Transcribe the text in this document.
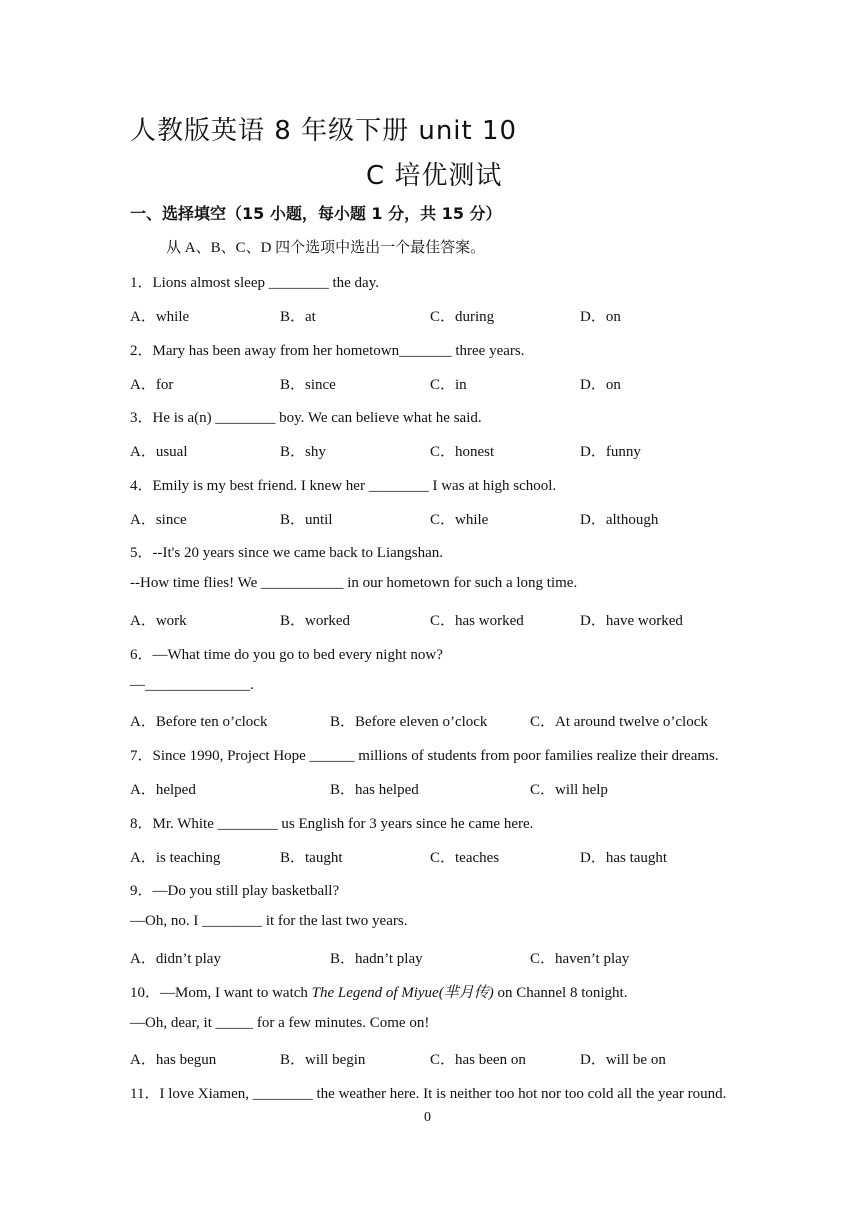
人教版英语 8 年级下册 unit 10
C 培优测试
一、选择填空（15 小题，每小题 1 分，共 15 分）
从 A、B、C、D 四个选项中选出一个最佳答案。
1．Lions almost sleep ________ the day.
A．while	B．at	C．during	D．on
2．Mary has been away from her hometown_______ three years.
A．for	B．since	C．in	D．on
3．He is a(n) ________ boy. We can believe what he said.
A．usual	B．shy	C．honest	D．funny
4．Emily is my best friend. I knew her ________ I was at high school.
A．since	B．until	C．while	D．although
5．--It's 20 years since we came back to Liangshan.
--How time flies! We ___________ in our hometown for such a long time.
A．work	B．worked	C．has worked	D．have worked
6．—What time do you go to bed every night now?
—______________.
A．Before ten o’clock	B．Before eleven o’clock	C．At around twelve o’clock
7．Since 1990, Project Hope ______ millions of students from poor families realize their dreams.
A．helped	B．has helped	C．will help
8．Mr. White ________ us English for 3 years since he came here.
A．is teaching	B．taught	C．teaches	D．has taught
9．—Do you still play basketball?
—Oh, no. I ________ it for the last two years.
A．didn’t play	B．hadn’t play	C．haven’t play
10．—Mom, I want to watch The Legend of Miyue(芈月传) on Channel 8 tonight.
—Oh, dear, it _____ for a few minutes. Come on!
A．has begun	B．will begin	C．has been on	D．will be on
11．I love Xiamen, ________ the weather here. It is neither too hot nor too cold all the year round.
0
